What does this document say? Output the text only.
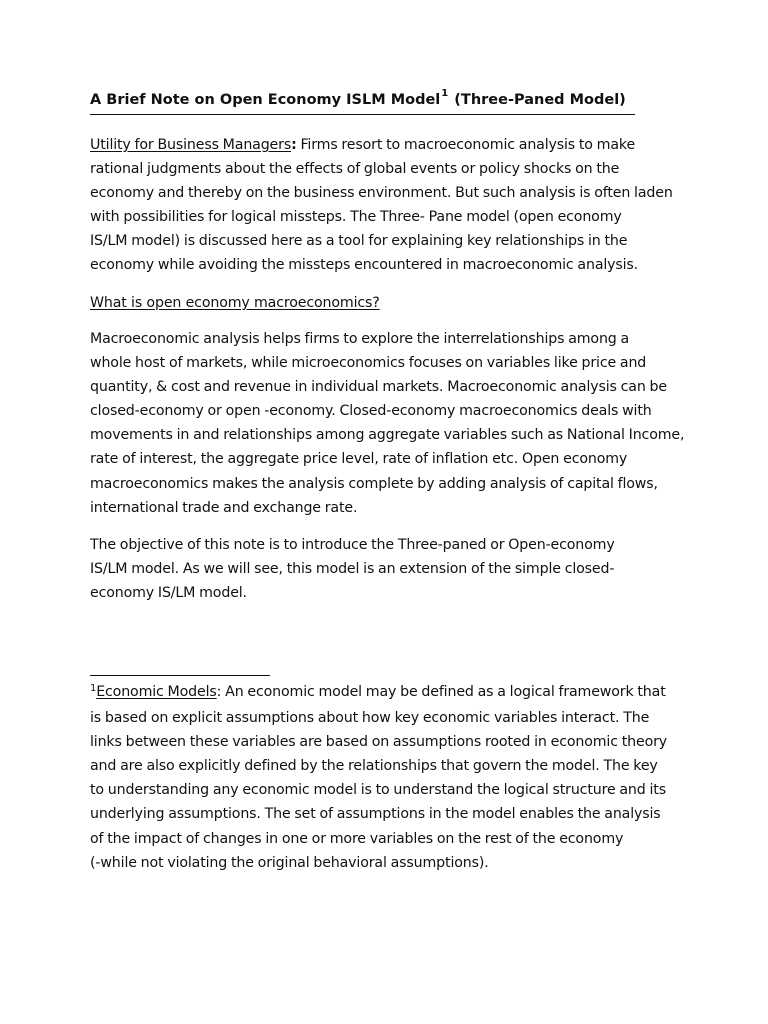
A Brief Note on Open Economy ISLM Model$^1$ (Three-Paned Model)
Utility for Business Managers: Firms resort to macroeconomic analysis to make
rational judgments about the effects of global events or policy shocks on the
economy and thereby on the business environment. But such analysis is often laden
with possibilities for logical missteps. The Three- Pane model (open economy
IS/LM model) is discussed here as a tool for explaining key relationships in the
economy while avoiding the missteps encountered in macroeconomic analysis.
What is open economy macroeconomics?
Macroeconomic analysis helps firms to explore the interrelationships among a
whole host of markets, while microeconomics focuses on variables like price and
quantity, & cost and revenue in individual markets. Macroeconomic analysis can be
closed-economy or open -economy. Closed-economy macroeconomics deals with
movements in and relationships among aggregate variables such as National Income,
rate of interest, the aggregate price level, rate of inflation etc. Open economy
macroeconomics makes the analysis complete by adding analysis of capital flows,
international trade and exchange rate.
The objective of this note is to introduce the Three-paned or Open-economy
IS/LM model. As we will see, this model is an extension of the simple closed-
economy IS/LM model.
$^1$Economic Models: An economic model may be defined as a logical framework that
is based on explicit assumptions about how key economic variables interact. The
links between these variables are based on assumptions rooted in economic theory
and are also explicitly defined by the relationships that govern the model. The key
to understanding any economic model is to understand the logical structure and its
underlying assumptions. The set of assumptions in the model enables the analysis
of the impact of changes in one or more variables on the rest of the economy
(-while not violating the original behavioral assumptions).
